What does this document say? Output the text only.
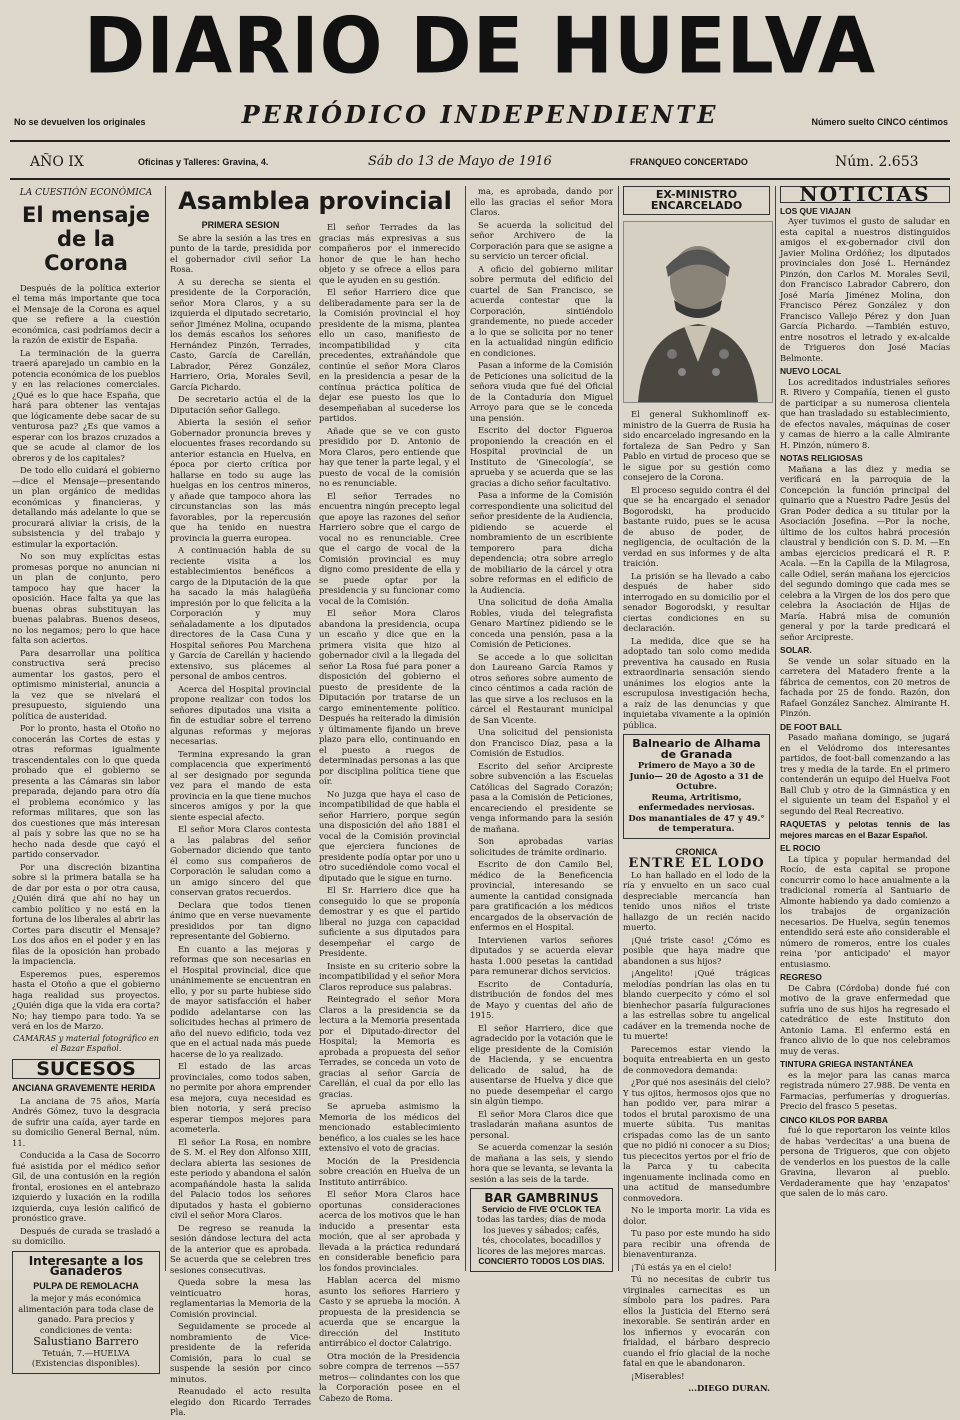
DIARIO DE HUELVA
No se devuelven los originales	PERIÓDICO INDEPENDIENTE	Número suelto CINCO céntimos
AÑO IX	Oficinas y Talleres: Gravina, 4.	Sáb do 13 de Mayo de 1916	FRANQUEO CONCERTADO	Núm. 2.653
LA CUESTIÓN ECONÓMICA
El mensaje de la Corona

Después de la política exterior el tema más importante que toca el Mensaje de la Corona es aquel que se refiere a la cuestión económica, casi podríamos decir a la razón de existir de España.

La terminación de la guerra traerá aparejado un cambio en la potencia económica de los pueblos y en las relaciones comerciales. ¿Qué es lo que hace España, que hará para obtener las ventajas que lógicamente debe sacar de su venturosa paz? ¿Es que vamos a esperar con los brazos cruzados a que se acude al clamor de los obreros y de los capitales?

De todo ello cuidará el gobierno—dice el Mensaje—presentando un plan orgánico de medidas económicas y financieras, y detallando más adelante lo que se procurará aliviar la crisis, de la subsistencia y del trabajo y estimular la exportación.

No son muy explícitas estas promesas porque no anuncian ni un plan de conjunto, pero tampoco hay que hacer la oposición. Hace falta ya que las buenas obras substituyan las buenas palabras. Buenos deseos, no los negamos; pero lo que hace falta son aciertos.

Para desarrollar una política constructiva será preciso aumentar los gastos, pero el optimismo ministerial, anuncia a la vez que se nivelará el presupuesto, siguiendo una política de austeridad.

Por lo pronto, hasta el Otoño no conocerán las Cortes de estas y otras reformas igualmente trascendentales con lo que queda probado que el gobierno se presenta a las Cámaras sin labor preparada, dejando para otro día el problema económico y las reformas militares, que son las dos cuestiones que más interesan al país y sobre las que no se ha hecho nada desde que cayó el partido conservador.

Por una discreción bizantina sobre si la primera batalla se ha de dar por esta o por otra causa, ¿Quién dirá que ahí no hay un cambio político y no está en la fortuna de los liberales al abrir las Cortes para discutir el Mensaje? Los dos años en el poder y en las filas de la oposición han probado la impaciencia.

Esperemos pues, esperemos hasta el Otoño a que el gobierno haga realidad sus proyectos. ¿Quién diga que la vida era corta? No; hay tiempo para todo. Ya se verá en los de Marzo.

CAMARAS y material fotográfico en el Bazar Español.
SUCESOS
ANCIANA GRAVEMENTE HERIDA

La anciana de 75 años, María Andrés Gómez, tuvo la desgracia de sufrir una caída, ayer tarde en su domicilio General Bernal, núm. 11.

Conducida a la Casa de Socorro fué asistida por el médico señor Gil, de una contusión en la región frontal, erosiones en el antebrazo izquierdo y luxación en la rodilla izquierda, cuya lesión calificó de pronóstico grave.

Después de curada se trasladó a su domicilio.

Interesante a los Ganaderos
PULPA DE REMOLACHA
la mejor y más económica alimentación para toda clase de ganado. Para precios y condiciones de venta:
Salustiano Barrero
Tetuán, 7.—HUELVA
(Existencias disponibles).
Asamblea provincial
PRIMERA SESION

Se abre la sesión a las tres en punto de la tarde, presidida por el gobernador civil señor La Rosa.

A su derecha se sienta el presidente de la Corporación, señor Mora Claros, y a su izquierda el diputado secretario, señor Jiménez Molina, ocupando los demás escaños los señores Hernández Pinzón, Terrades, Casto, García de Carellán, Labrador, Pérez González, Harriero, Oria, Morales Sevil, García Pichardo.

De secretario actúa el de la Diputación señor Gallego.

Abierta la sesión el señor Gobernador pronuncia breves y elocuentes frases recordando su anterior estancia en Huelva, en época por cierto crítica por hallarse en todo su auge las huelgas en los centros mineros, y añade que tampoco ahora las circunstancias son las más favorables, por la repercusión que ha tenido en nuestra provincia la guerra europea.

A continuación habla de su reciente visita a los establecimientos benéficos a cargo de la Diputación de la que ha sacado la más halagüeña impresión por lo que felicita a la Corporación y muy señaladamente a los diputados directores de la Casa Cuna y Hospital señores Pou Marchena y García de Carellán y haciendo extensivo, sus plácemes al personal de ambos centros.

Acerca del Hospital provincial propone realizar con todos los señores diputados una visita a fin de estudiar sobre el terreno algunas reformas y mejoras necesarias.

Termina expresando la gran complacencia que experimentó al ser designado por segunda vez para el mando de esta provincia en la que tiene muchos sinceros amigos y por la que siente especial afecto.

El señor Mora Claros contesta a las palabras del señor Gobernador diciendo que tanto él como sus compañeros de Corporación le saludan como a un amigo sincero del que conservan gratos recuerdos.

Declara que todos tienen ánimo que en verse nuevamente presididos por tan digno representante del Gobierno.

En cuanto a las mejoras y reformas que son necesarias en el Hospital provincial, dice que unánimemente se encuentran en ello, y por su parte hubiese sido de mayor satisfacción el haber podido adelantarse con las solicitudes hechas al primero de año del nuevo edificio, toda vez que en el actual nada más puede hacerse de lo ya realizado.

El estado de las arcas provinciales, como todos saben, no permite por ahora emprender esa mejora, cuya necesidad es bien notoria, y será preciso esperar tiempos mejores para acometerla.

El señor La Rosa, en nombre de S. M. el Rey don Alfonso XIII, declara abierta las sesiones de este periodo y abandona el salón acompañándole hasta la salida del Palacio todos los señores diputados y hasta el gobierno civil el señor Mora Claros.

De regreso se reanuda la sesión dándose lectura del acta de la anterior que es aprobada. Se acuerda que se celebren tres sesiones consecutivas.

Queda sobre la mesa las veinticuatro horas, reglamentarias la Memoria de la Comisión provincial.

Seguidamente se procede al nombramiento de Vice-presidente de la referida Comisión, para lo cual se suspende la sesión por cinco minutos.

Reanudado el acto resulta elegido don Ricardo Terrades Pla.

El señor Terrades da las gracias más expresivas a sus compañeros por el inmerecido honor de que le han hecho objeto y se ofrece a ellos para que le ayuden en su gestión.

El señor Harriero dice que deliberadamente para ser la de la Comisión provincial el hoy presidente de la misma, plantea ello un caso, manifiesto de incompatibilidad y cita precedentes, extrañándole que continúe el señor Mora Claros en la presidencia a pesar de la contínua práctica política de dejar ese puesto los que lo desempeñaban al sucederse los partidos.

Añade que se ve con gusto presidido por D. Antonio de Mora Claros, pero entiende que hay que tener la parte legal, y el puesto de vocal de la comisión no es renunciable.

El señor Terrades no encuentra ningún precepto legal que apoye las razones del señor Harriero sobre que el cargo de vocal no es renunciable. Cree que el cargo de vocal de la Comisión provincial es muy digno como presidente de ella y se puede optar por la presidencia y su funcionar como vocal de la Comisión.

El señor Mora Claros abandona la presidencia, ocupa un escaño y dice que en la primera visita que hizo al gobernador civil a la llegada del señor La Rosa fué para poner a disposición del gobierno el puesto de presidente de la Diputación por tratarse de un cargo eminentemente político. Después ha reiterado la dimisión y últimamente fijando un breve plazo para ello, continuando en el puesto a ruegos de determinadas personas a las que por disciplina política tiene que oír.

No juzga que haya el caso de incompatibilidad de que habla el señor Harriero, porque según una disposición del año 1881 el vocal de la Comisión provincial que ejerciera funciones de presidente podía optar por uno u otro sucediéndole como vocal el diputado que le sigue en turno.

El Sr. Harriero dice que ha conseguido lo que se proponía demostrar y es que el partido liberal no juzga con capacidad suficiente a sus diputados para desempeñar el cargo de Presidente.

Insiste en su criterio sobre la incompatibilidad y el señor Mora Claros reproduce sus palabras.

Reintegrado el señor Mora Claros a la presidencia se da lectura a la Memoria presentada por el Diputado-director del Hospital; la Memoria es aprobada a propuesta del señor Terrades, se conceda un voto de gracias al señor García de Carellán, el cual da por ello las gracias.

Se aprueba asimismo la Memoria de los médicos del mencionado establecimiento benéfico, a los cuales se les hace extensivo el voto de gracias.

Moción de la Presidencia sobre creación en Huelva de un Instituto antirrábico.

El señor Mora Claros hace oportunas consideraciones acerca de los motivos que le han inducido a presentar esta moción, que al ser aprobada y llevada a la práctica redundará en considerable beneficio para los fondos provinciales.

Hablan acerca del mismo asunto los señores Harriero y Casto y se aprueba la moción. A propuesta de la presidencia se acuerda que se encargue la dirección del Instituto antirrábico el doctor Calatrigo.

Otra moción de la Presidencia sobre compra de terrenos —557 metros— colindantes con los que la Corporación posee en el Cabezo de Roma.

ma, es aprobada, dando por ello las gracias el señor Mora Claros.

Se acuerda la solicitud del señor Archivero de la Corporación para que se asigne a su servicio un tercer oficial.

A oficio del gobierno militar sobre permuta del edificio del cuartel de San Francisco, se acuerda contestar que la Corporación, sintiéndolo grandemente, no puede acceder a lo que se solicita por no tener en la actualidad ningún edificio en condiciones.

Pasan a informe de la Comisión de Peticiones una solicitud de la señora viuda que fué del Oficial de la Contaduría don Miguel Arroyo para que se le conceda una pensión.

Escrito del doctor Figueroa proponiendo la creación en el Hospital provincial de un Instituto de 'Ginecología', se aprueba y se acuerda que se las gracias a dicho señor facultativo.

Pasa a informe de la Comisión correspondiente una solicitud del señor presidente de la Audiencia, pidiendo se acuerde el nombramiento de un escribiente temporero para dicha dependencia; otra sobre arreglo de mobiliario de la cárcel y otra sobre reformas en el edificio de la Audiencia.

Una solicitud de doña Amalia Robles, viuda del telegrafista Genaro Martínez pidiendo se le conceda una pensión, pasa a la Comisión de Peticiones.

Se accede a lo que solicitan don Laureano García Ramos y otros señores sobre aumento de cinco céntimos a cada ración de las que sirve a los reclusos en la cárcel el Restaurant municipal de San Vicente.

Una solicitud del pensionista don Francisco Díaz, pasa a la Comisión de Estudios.

Escrito del señor Arcipreste sobre subvención a las Escuelas Católicas del Sagrado Corazón; pasa a la Comisión de Peticiones, encareciendo el presidente se venga informando para la sesión de mañana.

Son aprobadas varias solicitudes de trámite ordinario.

Escrito de don Camilo Bel, médico de la Beneficencia provincial, interesando se aumente la cantidad consignada para gratificación a los médicos encargados de la observación de enfermos en el Hospital.

Intervienen varios señores diputados y se acuerda elevar hasta 1.000 pesetas la cantidad para remunerar dichos servicios.

Escrito de Contaduría, distribución de fondos del mes de Mayo y cuentas del año de 1915.

El señor Harriero, dice que agradecido por la votación que le elige presidente de la Comisión de Hacienda, y se encuentra delicado de salud, ha de ausentarse de Huelva y dice que no puede desempeñar el cargo sin algún tiempo.

El señor Mora Claros dice que trasladarán mañana asuntos de personal.

Se acuerda comenzar la sesión de mañana a las seis, y siendo hora que se levanta, se levanta la sesión a las seis de la tarde.

BAR GAMBRINUS
Servicio de FIVE O'CLOK TEA
todas las tardes; días de moda los jueves y sábados; cafés, tés, chocolates, bocadillos y licores de las mejores marcas.
CONCIERTO TODOS LOS DIAS.
EX-MINISTRO ENCARCELADO

El general Sukhomlinoff ex-ministro de la Guerra de Rusia ha sido encarcelado ingresando en la fortaleza de San Pedro y San Pablo en virtud de proceso que se le sigue por su gestión como consejero de la Corona.

El proceso seguido contra él del que se ha encargado el senador Bogorodski, ha producido bastante ruido, pues se le acusa de abuso de poder, de negligencia, de ocultación de la verdad en sus informes y de alta traición.

La prisión se ha llevado a cabo después de haber sido interrogado en su domicilio por el senador Bogorodski, y resultar ciertas condiciones en su declaración.

La medida, dice que se ha adoptado tan solo como medida preventiva ha causado en Rusia extraordinaria sensación siendo unánimes los elogios ante la escrupulosa investigación hecha, a raíz de las denuncias y que inquietaba vivamente a la opinión pública.

Balneario de Alhama de Granada
Primero de Mayo a 30 de Junio— 20 de Agosto a 31 de Octubre.
Reuma, Artritismo, enfermedades nerviosas.
Dos manantiales de 47 y 49.° de temperatura.
CRONICA
ENTRE EL LODO

Lo han hallado en el lodo de la ría y envuelto en un saco cual despreciable mercancía han tenido unos niños el triste hallazgo de un recién nacido muerto.

¡Qué triste caso! ¿Cómo es posible que haya madre que abandonen a sus hijos?

¡Angelito! ¡Qué trágicas melodías pondrían las olas en tu blando cuerpecito y cómo el sol bienhechor pasaría fulguraciones a las estrellas sobre tu angelical cadáver en la tremenda noche de tu muerte!

Parecemos estar viendo la boquita entreabierta en un gesto de conmovedora demanda:

¿Por qué nos asesináis del cielo? Y tus ojitos, hermosos ojos que no han podido ver, para mirar a todos el brutal paroxismo de una muerte súbita. Tus manitas crispadas como las de un santo que no pidió ni conocer a su Dios; tus piececitos yertos por el frío de la Parca y tu cabecita ingenuamente inclinada como en una actitud de mansedumbre conmovedora.

No le importa morir. La vida es dolor.

Tu paso por este mundo ha sido para recibir una ofrenda de bienaventuranza.

¡Tú estás ya en el cielo!

Tú no necesitas de cubrir tus virginales carnecitas es un símbolo para los padres. Para ellos la Justicia del Eterno será inexorable. Se sentirán arder en los infiernos y evocarán con frialdad, el bárbaro desprecio cuando el frío glacial de la noche fatal en que le abandonaron.

¡Miserables!

...DIEGO DURAN.
NOTICIAS
LOS QUE VIAJAN

Ayer tuvimos el gusto de saludar en esta capital a nuestros distinguidos amigos el ex-gobernador civil don Javier Molina Ordóñez; los diputados provinciales don José L. Hernández Pinzón, don Carlos M. Morales Sevil, don Francisco Labrador Cabrero, don José María Jiménez Molina, don Francisco Pérez González y don Francisco Vallejo Pérez y don Juan García Pichardo. —También estuvo, entre nosotros el letrado y ex-alcalde de Trigueros don José Macías Belmonte.

NUEVO LOCAL

Los acreditados industriales señores R. Rivero y Compañía, tienen el gusto de participar a su numerosa clientela que han trasladado su establecimiento, de efectos navales, máquinas de coser y camas de hierro a la calle Almirante H. Pinzón, número 8.

NOTAS RELIGIOSAS

Mañana a las diez y media se verificará en la parroquia de la Concepción la función principal del quinario que a Nuestro Padre Jesús del Gran Poder dedica a su titular por la Asociación Josefina. —Por la noche, último de los cultos habrá procesión claustral y bendición con S. D. M. —En ambas ejercicios predicará el R. P. Acala. —En la Capilla de la Milagrosa, calle Odiel, serán mañana los ejercicios del segundo domingo que cada mes se celebra a la Virgen de los dos pero que celebra la Asociación de Hijas de María. Habrá misa de comunión general y por la tarde predicará el señor Arcipreste.

SOLAR.

Se vende un solar situado en la carretera del Matadero frente a la fábrica de cementos, con 20 metros de fachada por 25 de fondo. Razón, don Rafael González Sanchez. Almirante H. Pinzón.

DE FOOT BALL

Pasado mañana domingo, se jugará en el Velódromo dos interesantes partidos, de foot-ball comenzando a las tres y media de la tarde. En el primero contenderán un equipo del Huelva Foot Ball Club y otro de la Gimnástica y en el siguiente un team del Español y el segundo del Real Recreativo.

RAQUETAS y pelotas tennis de las mejores marcas en el Bazar Español.
EL ROCIO

La típica y popular hermandad del Rocío, de esta capital se propone concurrir como lo hace anualmente a la tradicional romería al Santuario de Almonte habiendo ya dado comienzo a los trabajos de organización necesarios. De Huelva, según tenemos entendido será este año considerable el número de romeros, entre los cuales reina 'por anticipado' el mayor entusiasmo.

REGRESO

De Cabra (Córdoba) donde fué con motivo de la grave enfermedad que sufría uno de sus hijos ha regresado el catedrático de este Instituto don Antonio Lama. El enfermo está en franco alivio de lo que nos celebramos muy de veras.

TINTURA GRIEGA INSTANTÁNEA

es la mejor para las canas marca registrada número 27.988. De venta en Farmacias, perfumerías y droguerías. Precio del frasco 5 pesetas.

CINCO KILOS POR BARBA

fué lo que reportaron los veinte kilos de habas 'verdecitas' a una buena de persona de Trigueros, que con objeto de venderlos en los puestos de la calle Gravina, llevaron al pueblo. Verdaderamente que hay 'enzapatos' que salen de lo más caro.
